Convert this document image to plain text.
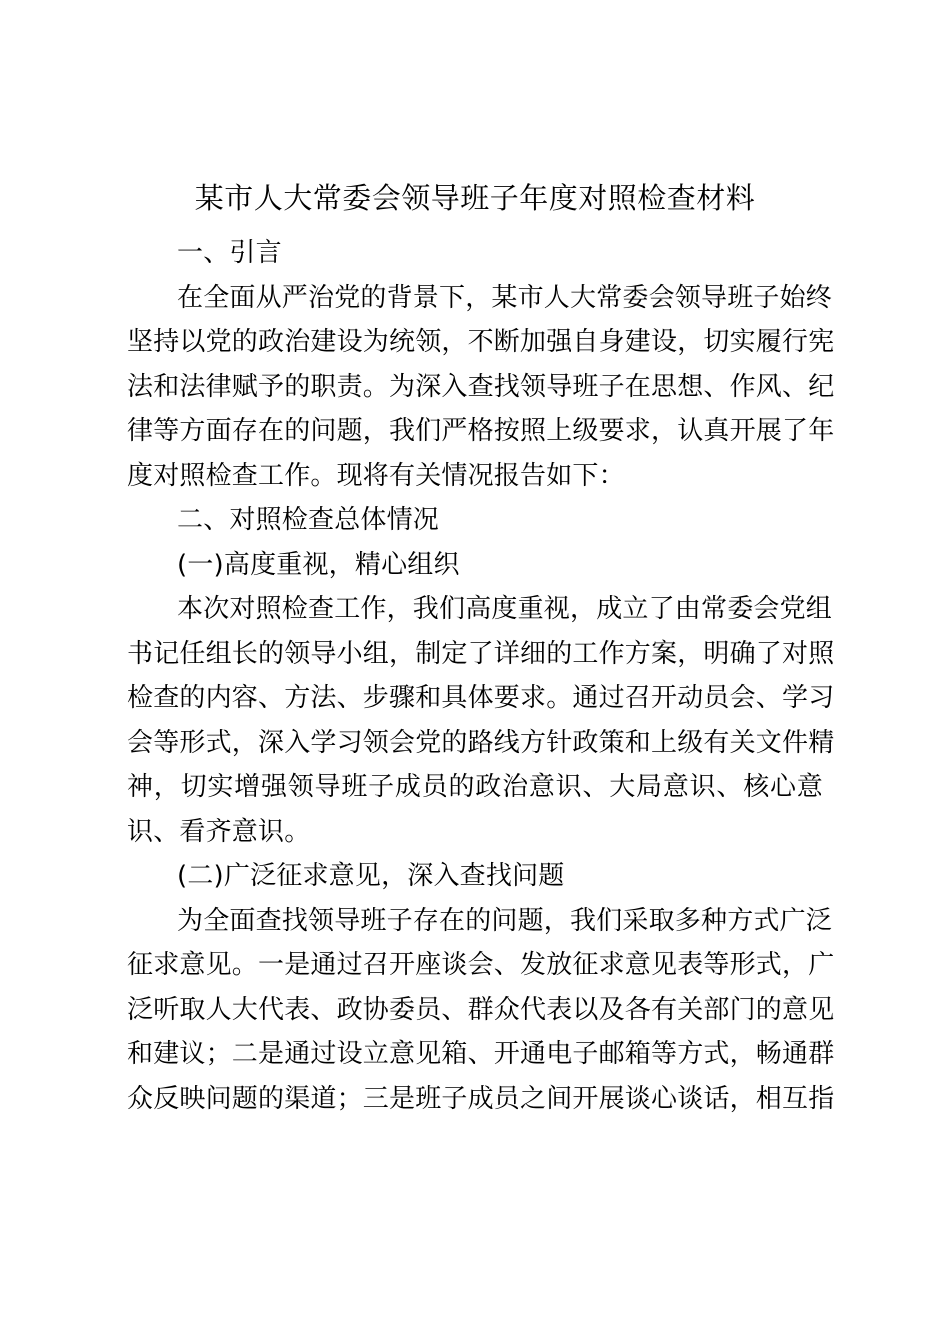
某市人大常委会领导班子年度对照检查材料
一、引言
在全面从严治党的背景下，某市人大常委会领导班子始终
坚持以党的政治建设为统领，不断加强自身建设，切实履行宪
法和法律赋予的职责。为深入查找领导班子在思想、作风、纪
律等方面存在的问题，我们严格按照上级要求，认真开展了年
度对照检查工作。现将有关情况报告如下：
二、对照检查总体情况
(一)高度重视，精心组织
本次对照检查工作，我们高度重视，成立了由常委会党组
书记任组长的领导小组，制定了详细的工作方案，明确了对照
检查的内容、方法、步骤和具体要求。通过召开动员会、学习
会等形式，深入学习领会党的路线方针政策和上级有关文件精
神，切实增强领导班子成员的政治意识、大局意识、核心意
识、看齐意识。
(二)广泛征求意见，深入查找问题
为全面查找领导班子存在的问题，我们采取多种方式广泛
征求意见。一是通过召开座谈会、发放征求意见表等形式，广
泛听取人大代表、政协委员、群众代表以及各有关部门的意见
和建议；二是通过设立意见箱、开通电子邮箱等方式，畅通群
众反映问题的渠道；三是班子成员之间开展谈心谈话，相互指
